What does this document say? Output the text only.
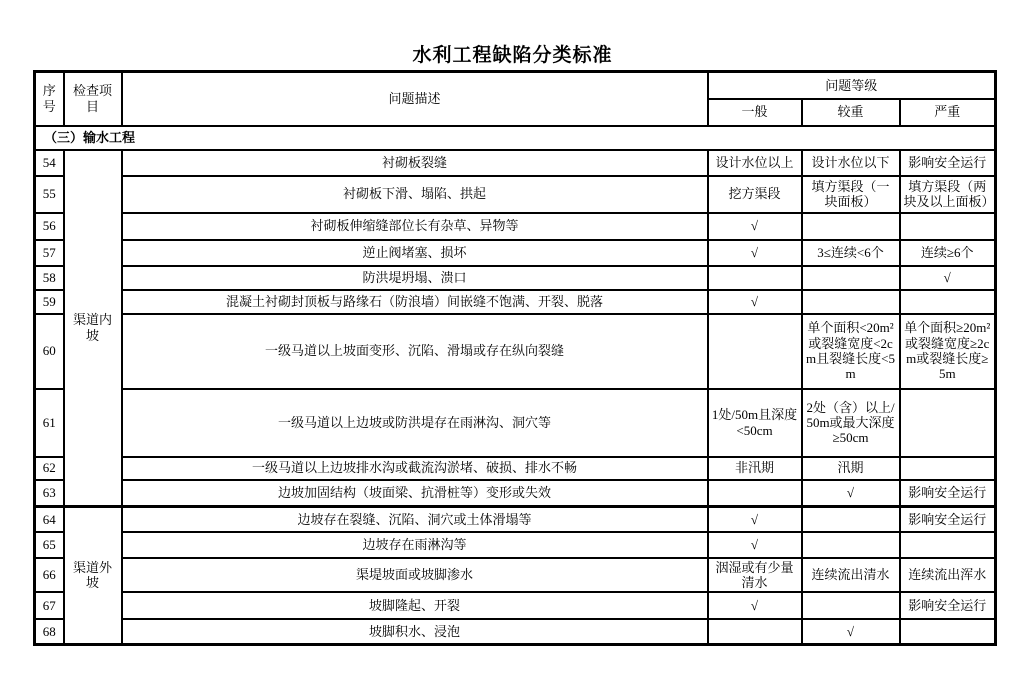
水利工程缺陷分类标准
序号	检查项目	问题描述	问题等级		
			一般	较重	严重
（三）输水工程					
54	渠道内坡	衬砌板裂缝	设计水位以上	设计水位以下	影响安全运行
55		衬砌板下滑、塌陷、拱起	挖方渠段	填方渠段（一块面板）	填方渠段（两块及以上面板）
56		衬砌板伸缩缝部位长有杂草、异物等	√		
57		逆止阀堵塞、损坏	√	3≤连续<6个	连续≥6个
58		防洪堤坍塌、溃口			√
59		混凝土衬砌封顶板与路缘石（防浪墙）间嵌缝不饱满、开裂、脱落	√		
60		一级马道以上坡面变形、沉陷、滑塌或存在纵向裂缝		单个面积<20m²或裂缝宽度<2cm且裂缝长度<5m	单个面积≥20m²或裂缝宽度≥2cm或裂缝长度≥5m
61		一级马道以上边坡或防洪堤存在雨淋沟、洞穴等	1处/50m且深度<50cm	2处（含）以上/50m或最大深度≥50cm	
62		一级马道以上边坡排水沟或截流沟淤堵、破损、排水不畅	非汛期	汛期	
63		边坡加固结构（坡面梁、抗滑桩等）变形或失效		√	影响安全运行
64	渠道外坡	边坡存在裂缝、沉陷、洞穴或土体滑塌等	√		影响安全运行
65		边坡存在雨淋沟等	√		
66		渠堤坡面或坡脚渗水	洇湿或有少量清水	连续流出清水	连续流出浑水
67		坡脚隆起、开裂	√		影响安全运行
68		坡脚积水、浸泡		√	
